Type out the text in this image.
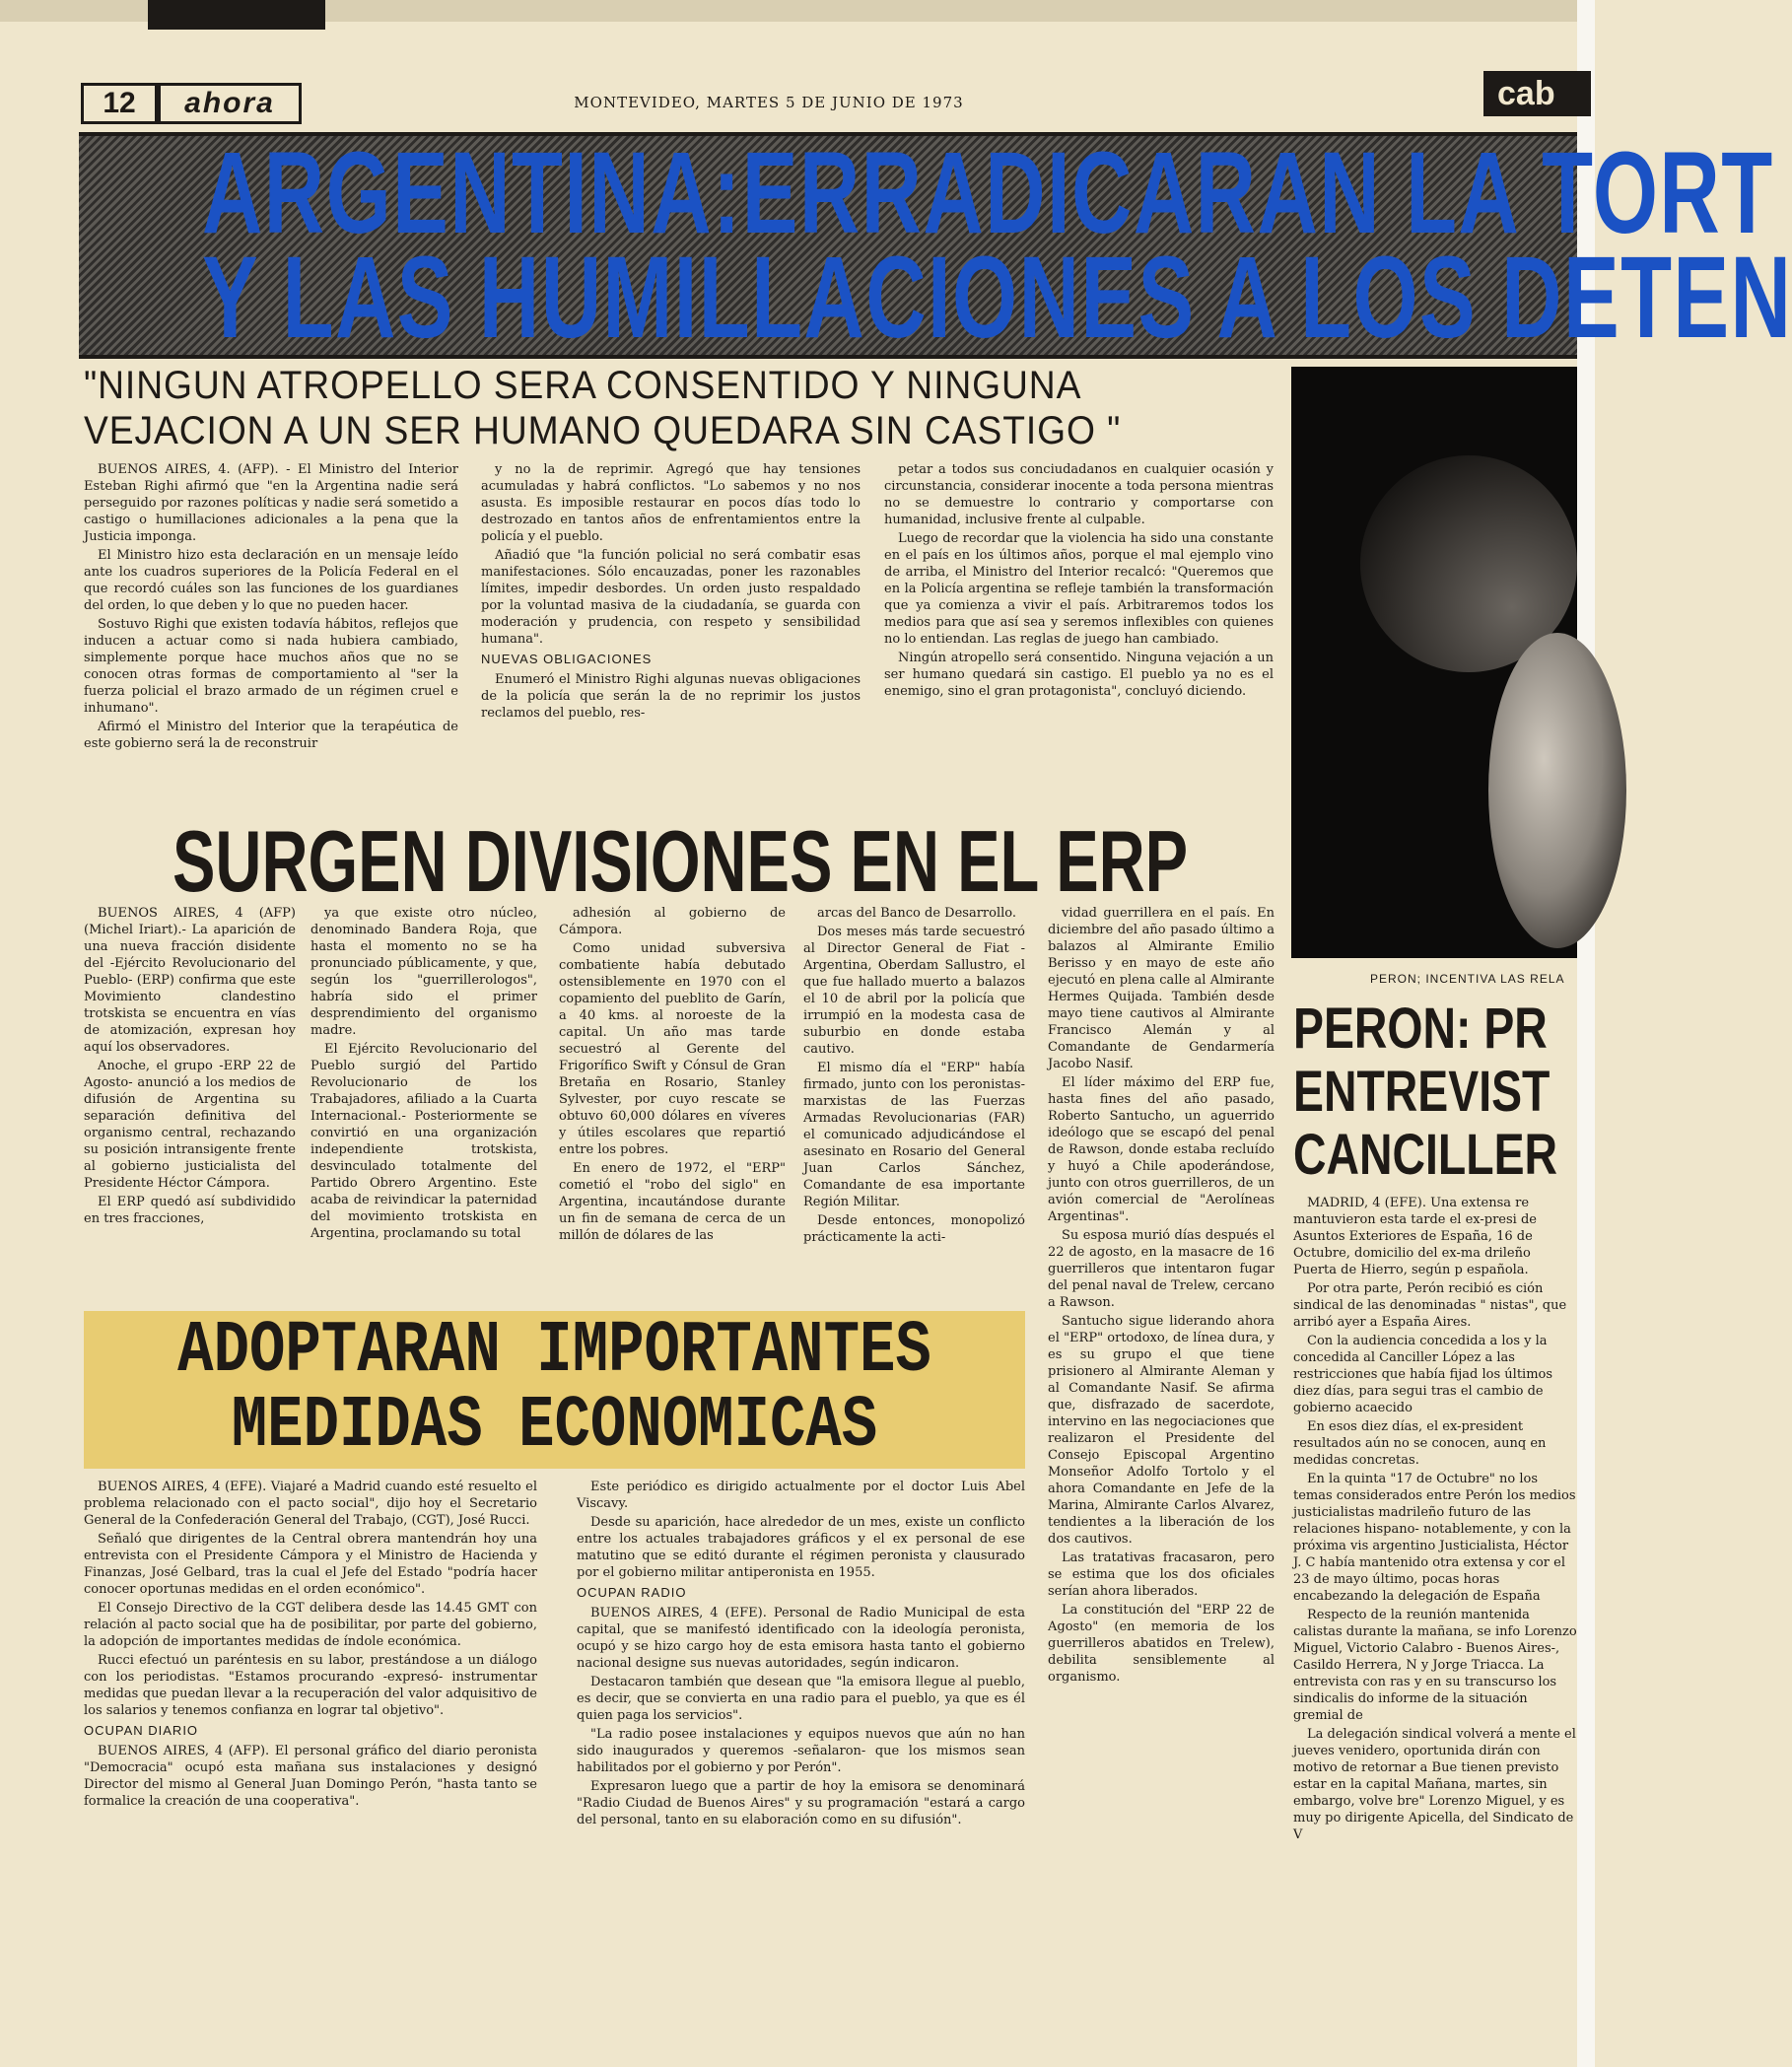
12	ahora	MONTEVIDEO, MARTES 5 DE JUNIO DE 1973	cab
ARGENTINA:ERRADICARAN LA TORT
Y LAS HUMILLACIONES A LOS DETEN
"NINGUN ATROPELLO SERA CONSENTIDO Y NINGUNA
VEJACION A UN SER HUMANO QUEDARA SIN CASTIGO "

BUENOS AIRES, 4. (AFP). - El Ministro del Interior Esteban Righi afirmó que "en la Argentina nadie será perseguido por razones políticas y nadie será sometido a castigo o humillaciones adicionales a la pena que la Justicia imponga.

El Ministro hizo esta declaración en un mensaje leído ante los cuadros superiores de la Policía Federal en el que recordó cuáles son las funciones de los guardianes del orden, lo que deben y lo que no pueden hacer.

Sostuvo Righi que existen todavía hábitos, reflejos que inducen a actuar como si nada hubiera cambiado, simplemente porque hace muchos años que no se conocen otras formas de comportamiento al "ser la fuerza policial el brazo armado de un régimen cruel e inhumano".

Afirmó el Ministro del Interior que la terapéutica de este gobierno será la de reconstruir

y no la de reprimir. Agregó que hay tensiones acumuladas y habrá conflictos. "Lo sabemos y no nos asusta. Es imposible restaurar en pocos días todo lo destrozado en tantos años de enfrentamientos entre la policía y el pueblo.

Añadió que "la función policial no será combatir esas manifestaciones. Sólo encauzadas, poner les razonables límites, impedir desbordes. Un orden justo respaldado por la voluntad masiva de la ciudadanía, se guarda con moderación y prudencia, con respeto y sensibilidad humana".

NUEVAS OBLIGACIONES

Enumeró el Ministro Righi algunas nuevas obligaciones de la policía que serán la de no reprimir los justos reclamos del pueblo, res-

petar a todos sus conciudadanos en cualquier ocasión y circunstancia, considerar inocente a toda persona mientras no se demuestre lo contrario y comportarse con humanidad, inclusive frente al culpable.

Luego de recordar que la violencia ha sido una constante en el país en los últimos años, porque el mal ejemplo vino de arriba, el Ministro del Interior recalcó: "Queremos que en la Policía argentina se refleje también la transformación que ya comienza a vivir el país. Arbitraremos todos los medios para que así sea y seremos inflexibles con quienes no lo entiendan. Las reglas de juego han cambiado.

Ningún atropello será consentido. Ninguna vejación a un ser humano quedará sin castigo. El pueblo ya no es el enemigo, sino el gran protagonista", concluyó diciendo.

PERON; INCENTIVA LAS RELA
SURGEN DIVISIONES EN EL ERP

BUENOS AIRES, 4 (AFP) (Michel Iriart).- La aparición de una nueva fracción disidente del -Ejército Revolucionario del Pueblo- (ERP) confirma que este Movimiento clandestino trotskista se encuentra en vías de atomización, expresan hoy aquí los observadores.

Anoche, el grupo -ERP 22 de Agosto- anunció a los medios de difusión de Argentina su separación definitiva del organismo central, rechazando su posición intransigente frente al gobierno justicialista del Presidente Héctor Cámpora.

El ERP quedó así subdividido en tres fracciones,

ya que existe otro núcleo, denominado Bandera Roja, que hasta el momento no se ha pronunciado públicamente, y que, según los "guerrillerologos", habría sido el primer desprendimiento del organismo madre.

El Ejército Revolucionario del Pueblo surgió del Partido Revolucionario de los Trabajadores, afiliado a la Cuarta Internacional.- Posteriormente se convirtió en una organización independiente trotskista, desvinculado totalmente del Partido Obrero Argentino. Este acaba de reivindicar la paternidad del movimiento trotskista en Argentina, proclamando su total

adhesión al gobierno de Cámpora.

Como unidad subversiva combatiente había debutado ostensiblemente en 1970 con el copamiento del pueblito de Garín, a 40 kms. al noroeste de la capital. Un año mas tarde secuestró al Gerente del Frigorífico Swift y Cónsul de Gran Bretaña en Rosario, Stanley Sylvester, por cuyo rescate se obtuvo 60,000 dólares en víveres y útiles escolares que repartió entre los pobres.

En enero de 1972, el "ERP" cometió el "robo del siglo" en Argentina, incautándose durante un fin de semana de cerca de un millón de dólares de las

arcas del Banco de Desarrollo.

Dos meses más tarde secuestró al Director General de Fiat - Argentina, Oberdam Sallustro, el que fue hallado muerto a balazos el 10 de abril por la policía que irrumpió en la modesta casa de suburbio en donde estaba cautivo.

El mismo día el "ERP" había firmado, junto con los peronistas-marxistas de las Fuerzas Armadas Revolucionarias (FAR) el comunicado adjudicándose el asesinato en Rosario del General Juan Carlos Sánchez, Comandante de esa importante Región Militar.

Desde entonces, monopolizó prácticamente la acti-

vidad guerrillera en el país. En diciembre del año pasado último a balazos al Almirante Emilio Berisso y en mayo de este año ejecutó en plena calle al Almirante Hermes Quijada. También desde mayo tiene cautivos al Almirante Francisco Alemán y al Comandante de Gendarmería Jacobo Nasif.

El líder máximo del ERP fue, hasta fines del año pasado, Roberto Santucho, un aguerrido ideólogo que se escapó del penal de Rawson, donde estaba recluído y huyó a Chile apoderándose, junto con otros guerrilleros, de un avión comercial de "Aerolíneas Argentinas".

Su esposa murió días después el 22 de agosto, en la masacre de 16 guerrilleros que intentaron fugar del penal naval de Trelew, cercano a Rawson.

Santucho sigue liderando ahora el "ERP" ortodoxo, de línea dura, y es su grupo el que tiene prisionero al Almirante Aleman y al Comandante Nasif. Se afirma que, disfrazado de sacerdote, intervino en las negociaciones que realizaron el Presidente del Consejo Episcopal Argentino Monseñor Adolfo Tortolo y el ahora Comandante en Jefe de la Marina, Almirante Carlos Alvarez, tendientes a la liberación de los dos cautivos.

Las tratativas fracasaron, pero se estima que los dos oficiales serían ahora liberados.

La constitución del "ERP 22 de Agosto" (en memoria de los guerrilleros abatidos en Trelew), debilita sensiblemente al organismo.

ADOPTARAN IMPORTANTES
MEDIDAS ECONOMICAS

BUENOS AIRES, 4 (EFE). Viajaré a Madrid cuando esté resuelto el problema relacionado con el pacto social", dijo hoy el Secretario General de la Confederación General del Trabajo, (CGT), José Rucci.

Señaló que dirigentes de la Central obrera mantendrán hoy una entrevista con el Presidente Cámpora y el Ministro de Hacienda y Finanzas, José Gelbard, tras la cual el Jefe del Estado "podría hacer conocer oportunas medidas en el orden económico".

El Consejo Directivo de la CGT delibera desde las 14.45 GMT con relación al pacto social que ha de posibilitar, por parte del gobierno, la adopción de importantes medidas de índole económica.

Rucci efectuó un paréntesis en su labor, prestándose a un diálogo con los periodistas. "Estamos procurando -expresó- instrumentar medidas que puedan llevar a la recuperación del valor adquisitivo de los salarios y tenemos confianza en lograr tal objetivo".

OCUPAN DIARIO

BUENOS AIRES, 4 (AFP). El personal gráfico del diario peronista "Democracia" ocupó esta mañana sus instalaciones y designó Director del mismo al General Juan Domingo Perón, "hasta tanto se formalice la creación de una cooperativa".

Este periódico es dirigido actualmente por el doctor Luis Abel Viscavy.

Desde su aparición, hace alrededor de un mes, existe un conflicto entre los actuales trabajadores gráficos y el ex personal de ese matutino que se editó durante el régimen peronista y clausurado por el gobierno militar antiperonista en 1955.

OCUPAN RADIO

BUENOS AIRES, 4 (EFE). Personal de Radio Municipal de esta capital, que se manifestó identificado con la ideología peronista, ocupó y se hizo cargo hoy de esta emisora hasta tanto el gobierno nacional designe sus nuevas autoridades, según indicaron.

Destacaron también que desean que "la emisora llegue al pueblo, es decir, que se convierta en una radio para el pueblo, ya que es él quien paga los servicios".

"La radio posee instalaciones y equipos nuevos que aún no han sido inaugurados y queremos -señalaron- que los mismos sean habilitados por el gobierno y por Perón".

Expresaron luego que a partir de hoy la emisora se denominará "Radio Ciudad de Buenos Aires" y su programación "estará a cargo del personal, tanto en su elaboración como en su difusión".

PERON: PR
ENTREVIST
CANCILLER

MADRID, 4 (EFE). Una extensa re mantuvieron esta tarde el ex-presi de Asuntos Exteriores de España, 16 de Octubre, domicilio del ex-ma drileño Puerta de Hierro, según p española.

Por otra parte, Perón recibió es ción sindical de las denominadas " nistas", que arribó ayer a España Aires.

Con la audiencia concedida a los y la concedida al Canciller López a las restricciones que había fijad los últimos diez días, para segui tras el cambio de gobierno acaecido

En esos diez días, el ex-president resultados aún no se conocen, aunq en medidas concretas.

En la quinta "17 de Octubre" no los temas considerados entre Perón los medios justicialistas madrileño futuro de las relaciones hispano- notablemente, y con la próxima vis argentino Justicialista, Héctor J. C había mantenido otra extensa y cor el 23 de mayo último, pocas horas encabezando la delegación de España

Respecto de la reunión mantenida calistas durante la mañana, se info Lorenzo Miguel, Victorio Calabro - Buenos Aires-, Casildo Herrera, N y Jorge Triacca. La entrevista con ras y en su transcurso los sindicalis do informe de la situación gremial de

La delegación sindical volverá a mente el jueves venidero, oportunida dirán con motivo de retornar a Bue tienen previsto estar en la capital Mañana, martes, sin embargo, volve bre" Lorenzo Miguel, y es muy po dirigente Apicella, del Sindicato de V
